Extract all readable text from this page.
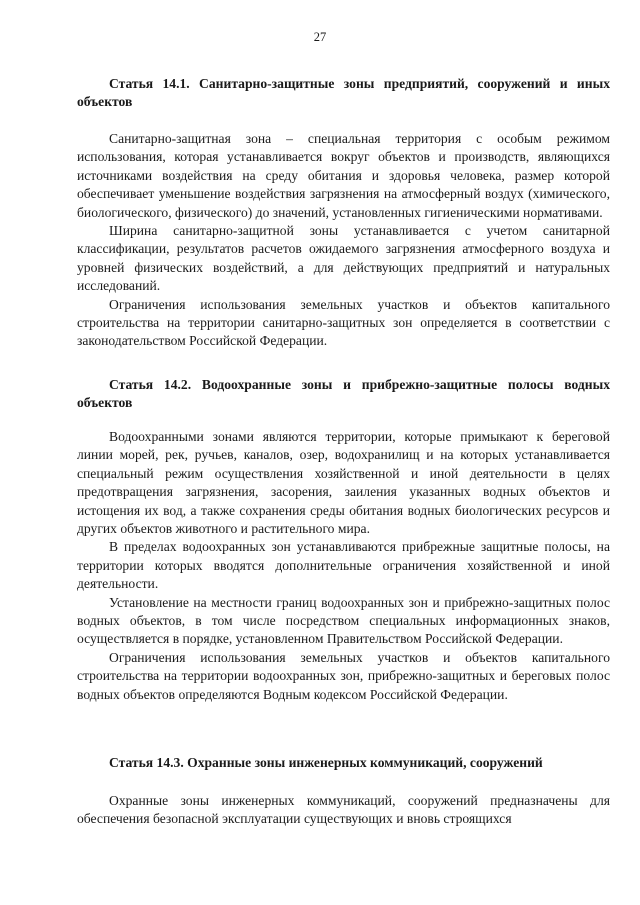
27
Статья 14.1. Санитарно-защитные зоны предприятий, сооружений и иных объектов

Санитарно-защитная зона – специальная территория с особым режимом использования, которая устанавливается вокруг объектов и производств, являющихся источниками воздействия на среду обитания и здоровья человека, размер которой обеспечивает уменьшение воздействия загрязнения на атмосферный воздух (химического, биологического, физического) до значений, установленных гигиеническими нормативами.

Ширина санитарно-защитной зоны устанавливается с учетом санитарной классификации, результатов расчетов ожидаемого загрязнения атмосферного воздуха и уровней физических воздействий, а для действующих предприятий и натуральных исследований.

Ограничения использования земельных участков и объектов капитального строительства на территории санитарно-защитных зон определяется в соответствии с законодательством Российской Федерации.

Статья 14.2. Водоохранные зоны и прибрежно-защитные полосы водных объектов

Водоохранными зонами являются территории, которые примыкают к береговой линии морей, рек, ручьев, каналов, озер, водохранилищ и на которых устанавливается специальный режим осуществления хозяйственной и иной деятельности в целях предотвращения загрязнения, засорения, заиления указанных водных объектов и истощения их вод, а также сохранения среды обитания водных биологических ресурсов и других объектов животного и растительного мира.

В пределах водоохранных зон устанавливаются прибрежные защитные полосы, на территории которых вводятся дополнительные ограничения хозяйственной и иной деятельности.

Установление на местности границ водоохранных зон и прибрежно-защитных полос водных объектов, в том числе посредством специальных информационных знаков, осуществляется в порядке, установленном Правительством Российской Федерации.

Ограничения использования земельных участков и объектов капитального строительства на территории водоохранных зон, прибрежно-защитных и береговых полос водных объектов определяются Водным кодексом Российской Федерации.

Статья 14.3. Охранные зоны инженерных коммуникаций, сооружений

Охранные зоны инженерных коммуникаций, сооружений предназначены для обеспечения безопасной эксплуатации существующих и вновь строящихся
